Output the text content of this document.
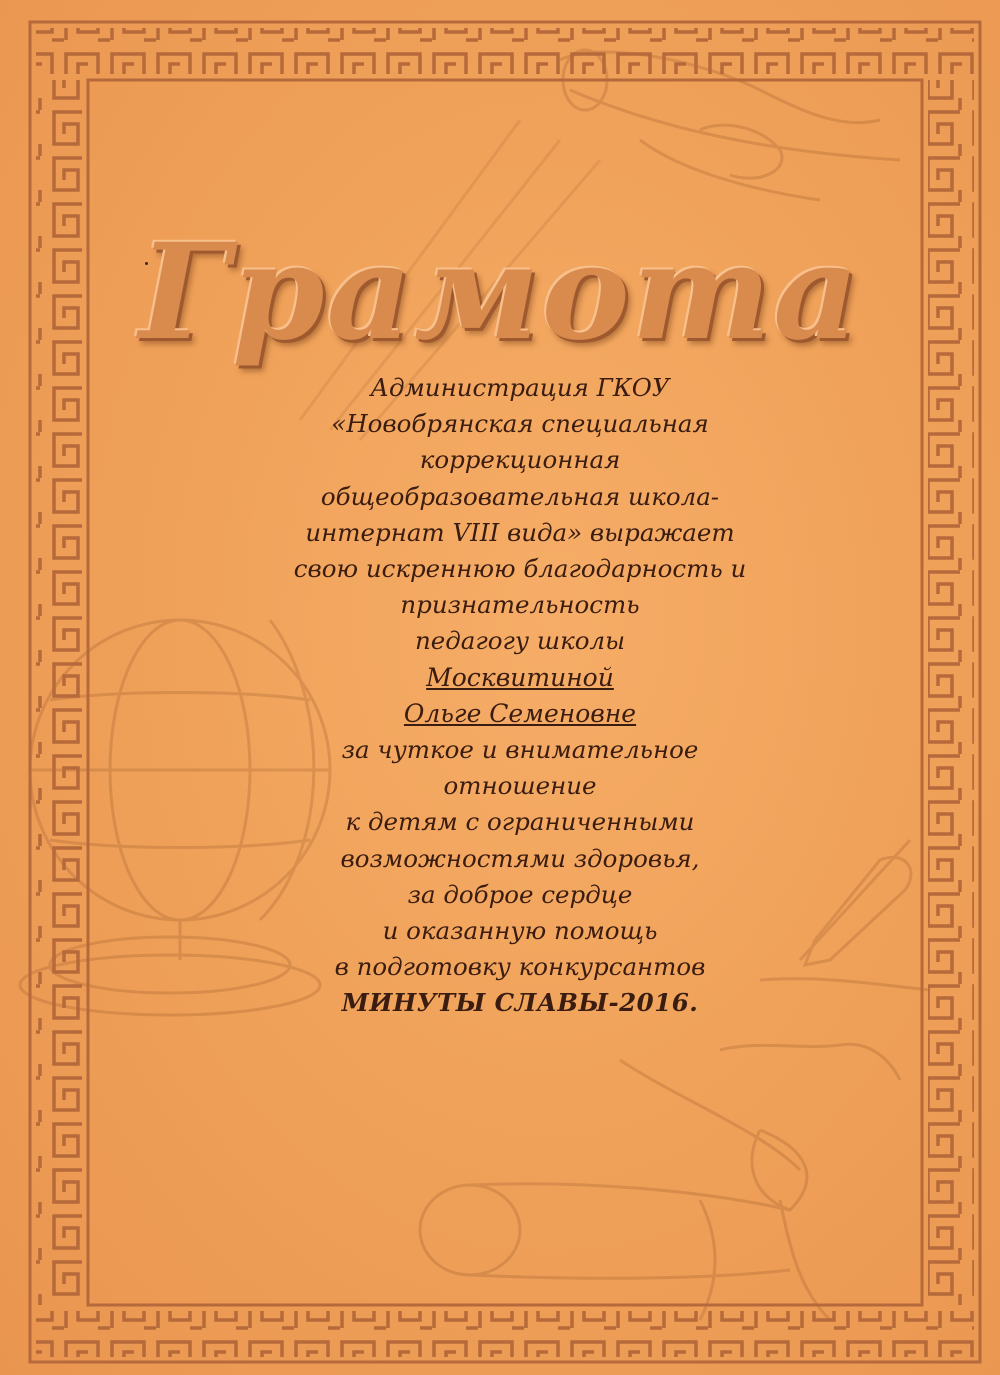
Грамота
Администрация ГКОУ
«Новобрянская специальная
коррекционная
общеобразовательная школа-
интернат VIII вида» выражает
свою искреннюю благодарность и
признательность
педагогу школы
Москвитиной
Ольге Семеновне
за чуткое и внимательное
отношение
к детям с ограниченными
возможностями здоровья,
за доброе сердце
и оказанную помощь
в подготовку конкурсантов
МИНУТЫ СЛАВЫ-2016.
